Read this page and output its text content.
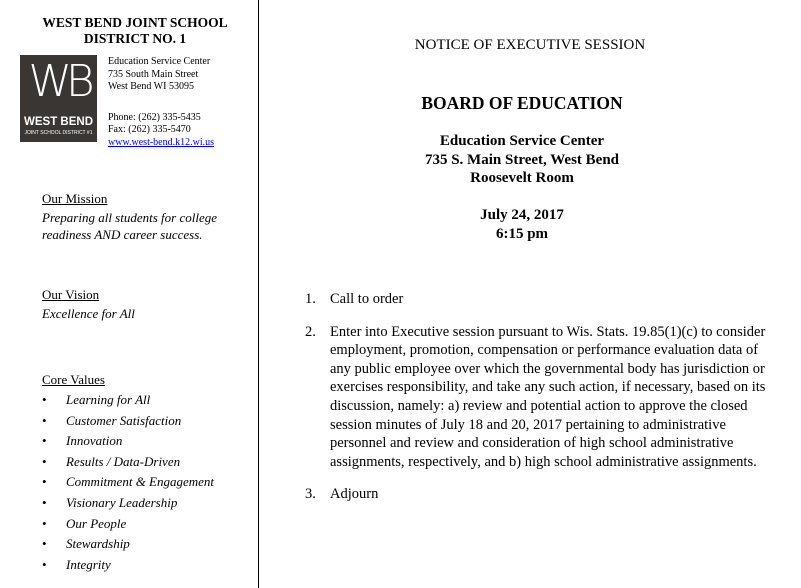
WEST BEND JOINT SCHOOL
DISTRICT NO. 1
WB
WEST BEND
JOINT SCHOOL DISTRICT #1
Education Service Center
735 South Main Street
West Bend WI 53095
Phone: (262) 335-5435
Fax: (262) 335-5470
www.west-bend.k12.wi.us
Our Mission
Preparing all students for college
readiness AND career success.
Our Vision
Excellence for All
Core Values
• Learning for All
• Customer Satisfaction
• Innovation
• Results / Data-Driven
• Commitment & Engagement
• Visionary Leadership
• Our People
• Stewardship
• Integrity
NOTICE OF EXECUTIVE SESSION
BOARD OF EDUCATION
Education Service Center
735 S. Main Street, West Bend
Roosevelt Room
July 24, 2017
6:15 pm
1. Call to order
2. Enter into Executive session pursuant to Wis. Stats. 19.85(1)(c) to consider
employment, promotion, compensation or performance evaluation data of
any public employee over which the governmental body has jurisdiction or
exercises responsibility, and take any such action, if necessary, based on its
discussion, namely: a) review and potential action to approve the closed
session minutes of July 18 and 20, 2017 pertaining to administrative
personnel and review and consideration of high school administrative
assignments, respectively, and b) high school administrative assignments.
3. Adjourn
